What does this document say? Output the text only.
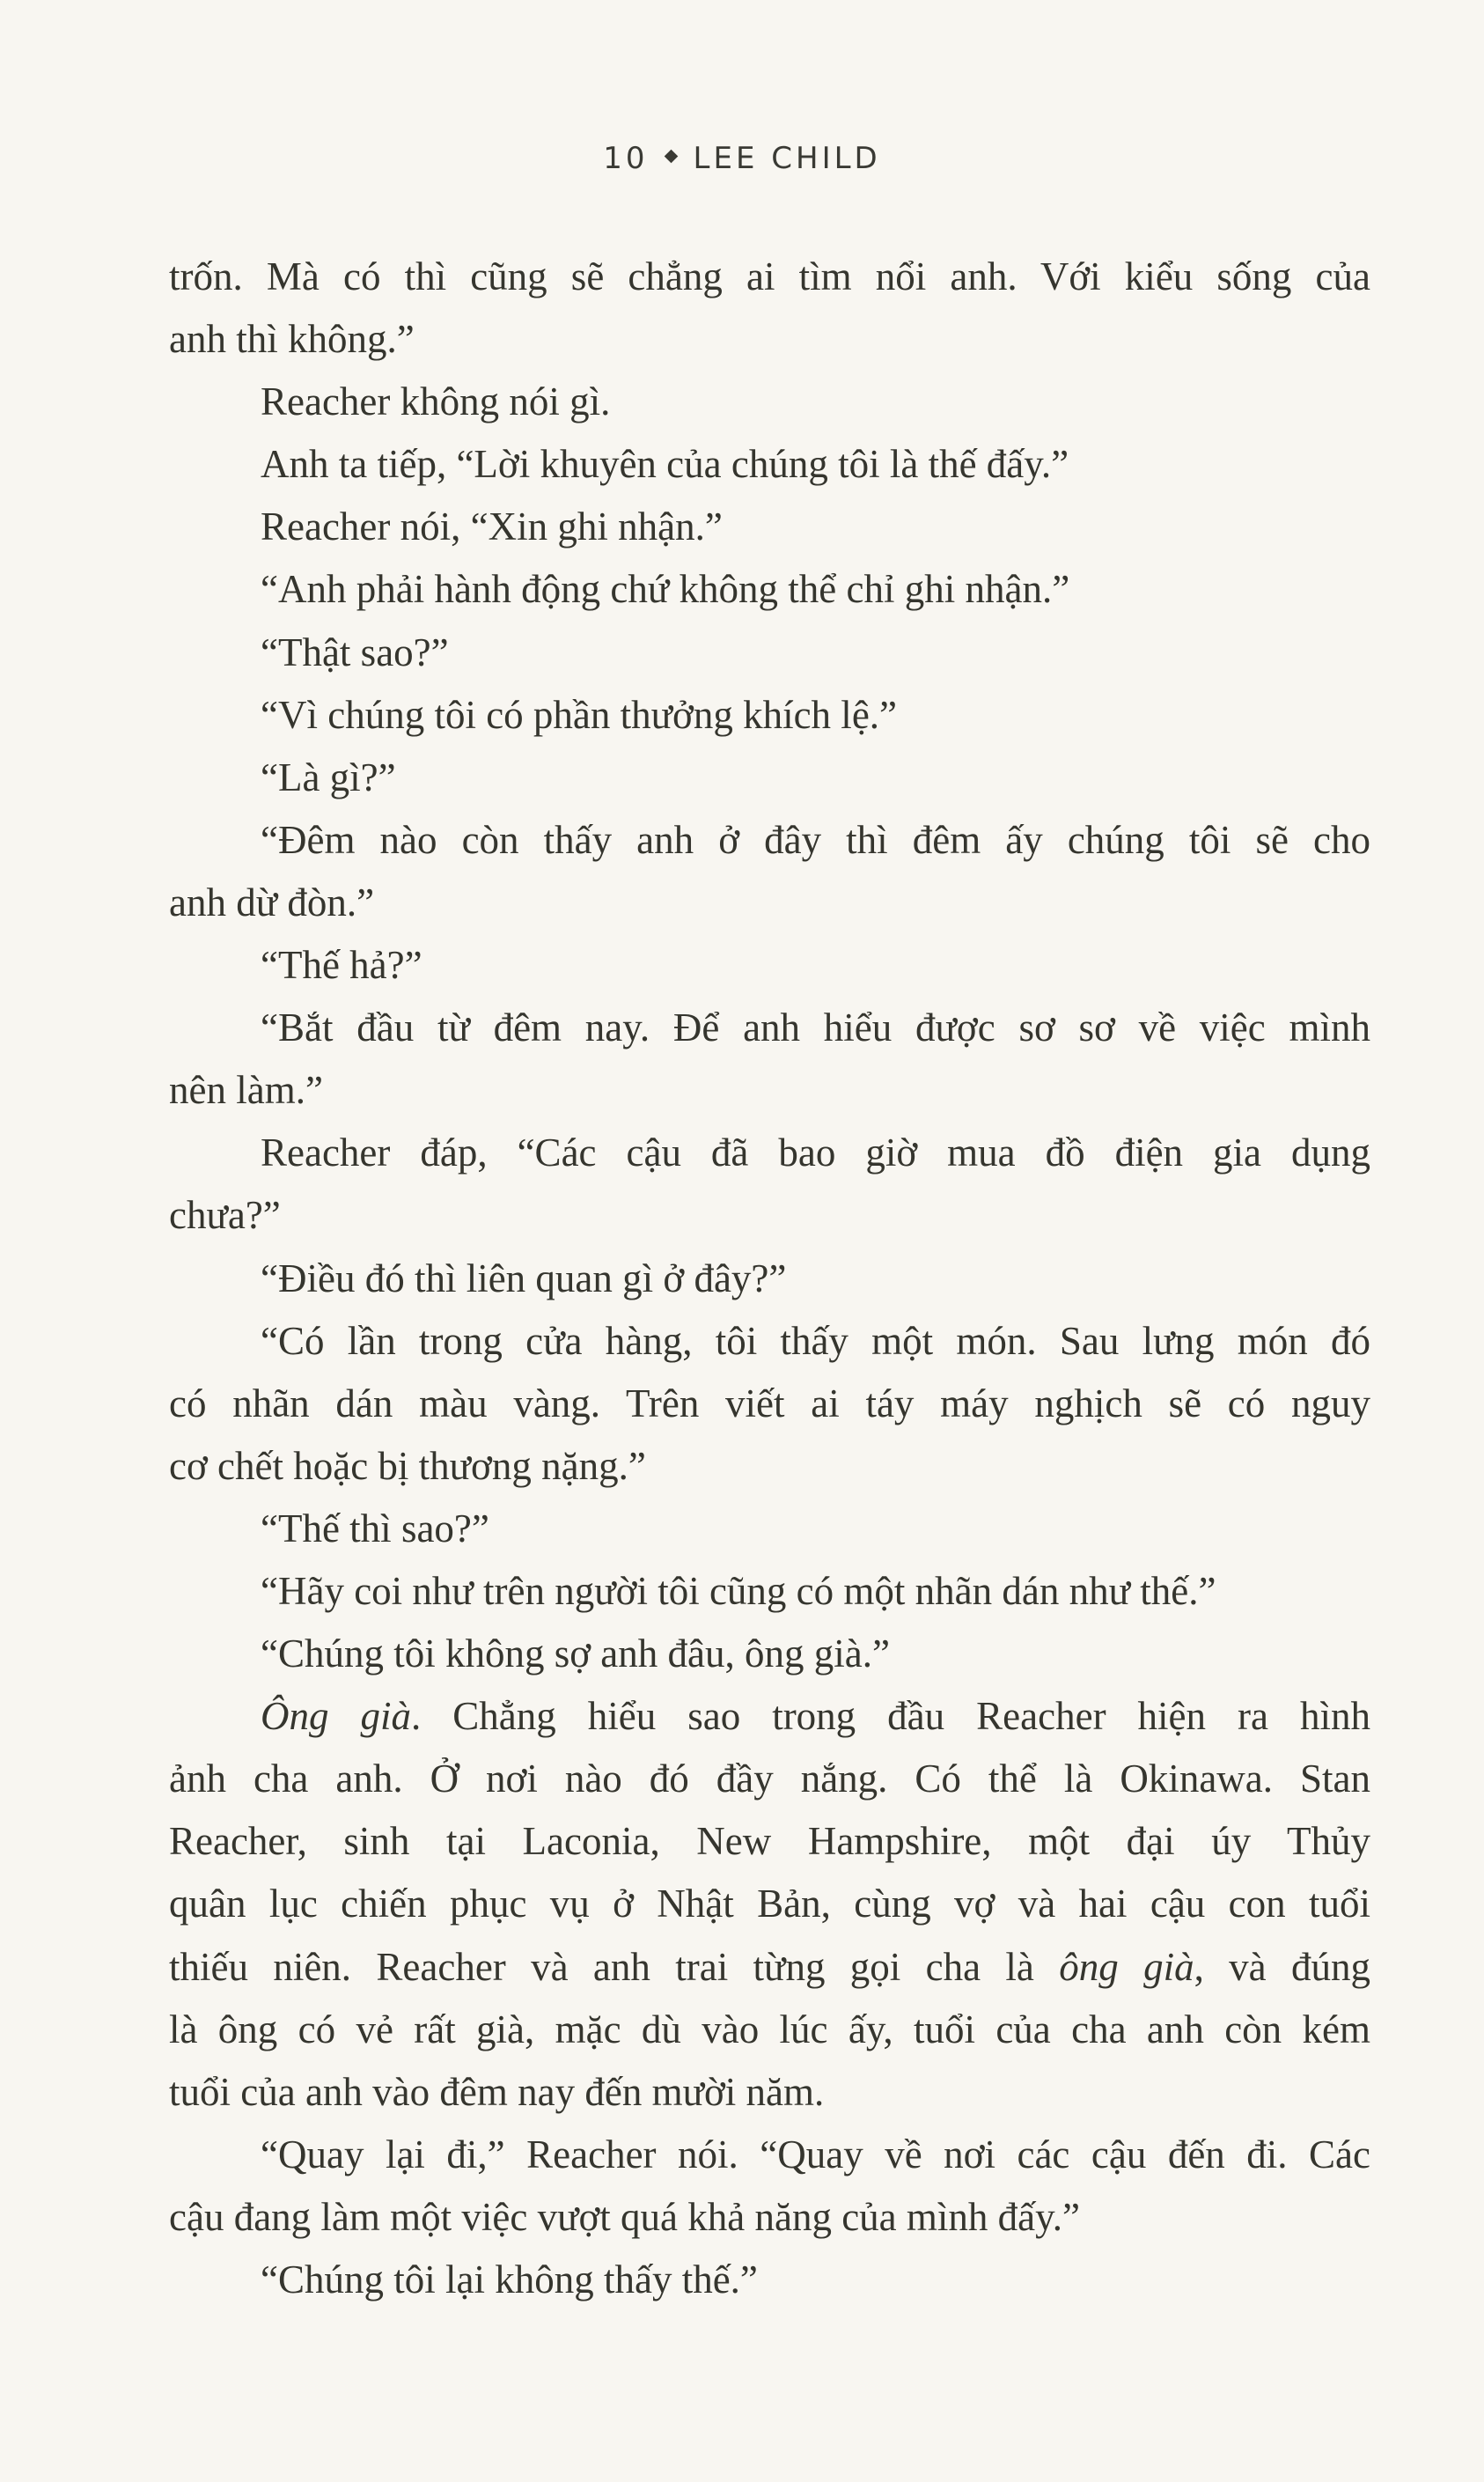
10 LEE CHILD
trốn. Mà có thì cũng sẽ chẳng ai tìm nổi anh. Với kiểu sống của
anh thì không.”
Reacher không nói gì.
Anh ta tiếp, “Lời khuyên của chúng tôi là thế đấy.”
Reacher nói, “Xin ghi nhận.”
“Anh phải hành động chứ không thể chỉ ghi nhận.”
“Thật sao?”
“Vì chúng tôi có phần thưởng khích lệ.”
“Là gì?”
“Đêm nào còn thấy anh ở đây thì đêm ấy chúng tôi sẽ cho
anh dừ đòn.”
“Thế hả?”
“Bắt đầu từ đêm nay. Để anh hiểu được sơ sơ về việc mình
nên làm.”
Reacher đáp, “Các cậu đã bao giờ mua đồ điện gia dụng
chưa?”
“Điều đó thì liên quan gì ở đây?”
“Có lần trong cửa hàng, tôi thấy một món. Sau lưng món đó
có nhãn dán màu vàng. Trên viết ai táy máy nghịch sẽ có nguy
cơ chết hoặc bị thương nặng.”
“Thế thì sao?”
“Hãy coi như trên người tôi cũng có một nhãn dán như thế.”
“Chúng tôi không sợ anh đâu, ông già.”
Ông già. Chẳng hiểu sao trong đầu Reacher hiện ra hình
ảnh cha anh. Ở nơi nào đó đầy nắng. Có thể là Okinawa. Stan
Reacher, sinh tại Laconia, New Hampshire, một đại úy Thủy
quân lục chiến phục vụ ở Nhật Bản, cùng vợ và hai cậu con tuổi
thiếu niên. Reacher và anh trai từng gọi cha là ông già, và đúng
là ông có vẻ rất già, mặc dù vào lúc ấy, tuổi của cha anh còn kém
tuổi của anh vào đêm nay đến mười năm.
“Quay lại đi,” Reacher nói. “Quay về nơi các cậu đến đi. Các
cậu đang làm một việc vượt quá khả năng của mình đấy.”
“Chúng tôi lại không thấy thế.”
